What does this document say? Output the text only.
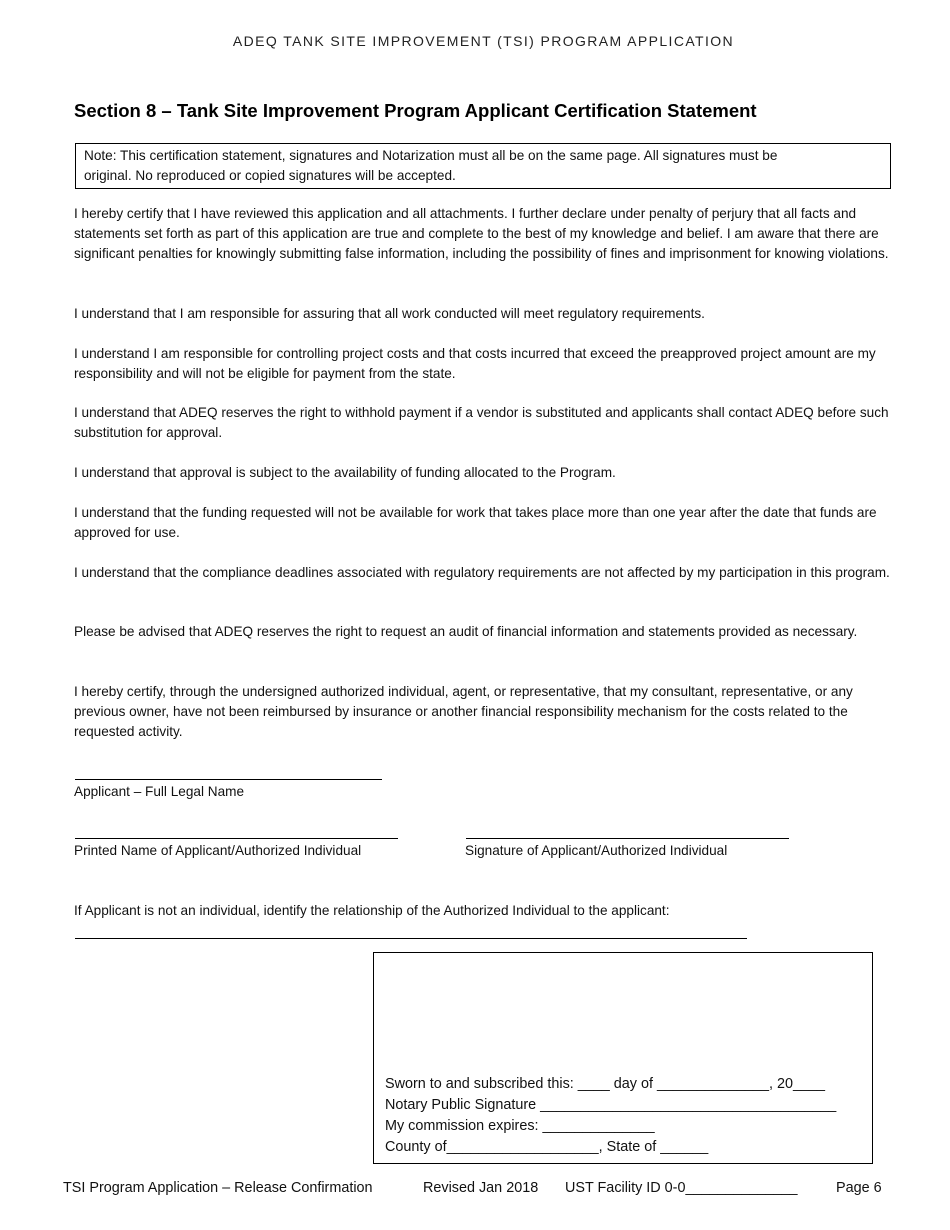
ADEQ TANK SITE IMPROVEMENT (TSI) PROGRAM APPLICATION
Section 8 – Tank Site Improvement Program Applicant Certification Statement
Note: This certification statement, signatures and Notarization must all be on the same page. All signatures must be
original. No reproduced or copied signatures will be accepted.

I hereby certify that I have reviewed this application and all attachments. I further declare under penalty of perjury that all facts and statements set forth as part of this application are true and complete to the best of my knowledge and belief. I am aware that there are significant penalties for knowingly submitting false information, including the possibility of fines and imprisonment for knowing violations.

I understand that I am responsible for assuring that all work conducted will meet regulatory requirements.

I understand I am responsible for controlling project costs and that costs incurred that exceed the preapproved project amount are my responsibility and will not be eligible for payment from the state.

I understand that ADEQ reserves the right to withhold payment if a vendor is substituted and applicants shall contact ADEQ before such substitution for approval.

I understand that approval is subject to the availability of funding allocated to the Program.

I understand that the funding requested will not be available for work that takes place more than one year after the date that funds are approved for use.

I understand that the compliance deadlines associated with regulatory requirements are not affected by my participation in this program.

Please be advised that ADEQ reserves the right to request an audit of financial information and statements provided as necessary.

I hereby certify, through the undersigned authorized individual, agent, or representative, that my consultant, representative, or any previous owner, have not been reimbursed by insurance or another financial responsibility mechanism for the costs related to the requested activity.

Applicant – Full Legal Name
Printed Name of Applicant/Authorized Individual	Signature of Applicant/Authorized Individual
If Applicant is not an individual, identify the relationship of the Authorized Individual to the applicant:
Sworn to and subscribed this: ____ day of ______________, 20____
Notary Public Signature _____________________________________
My commission expires: ______________
County of___________________, State of ______
TSI Program Application – Release Confirmation	Revised Jan 2018 UST Facility ID 0-0______________	Page 6
